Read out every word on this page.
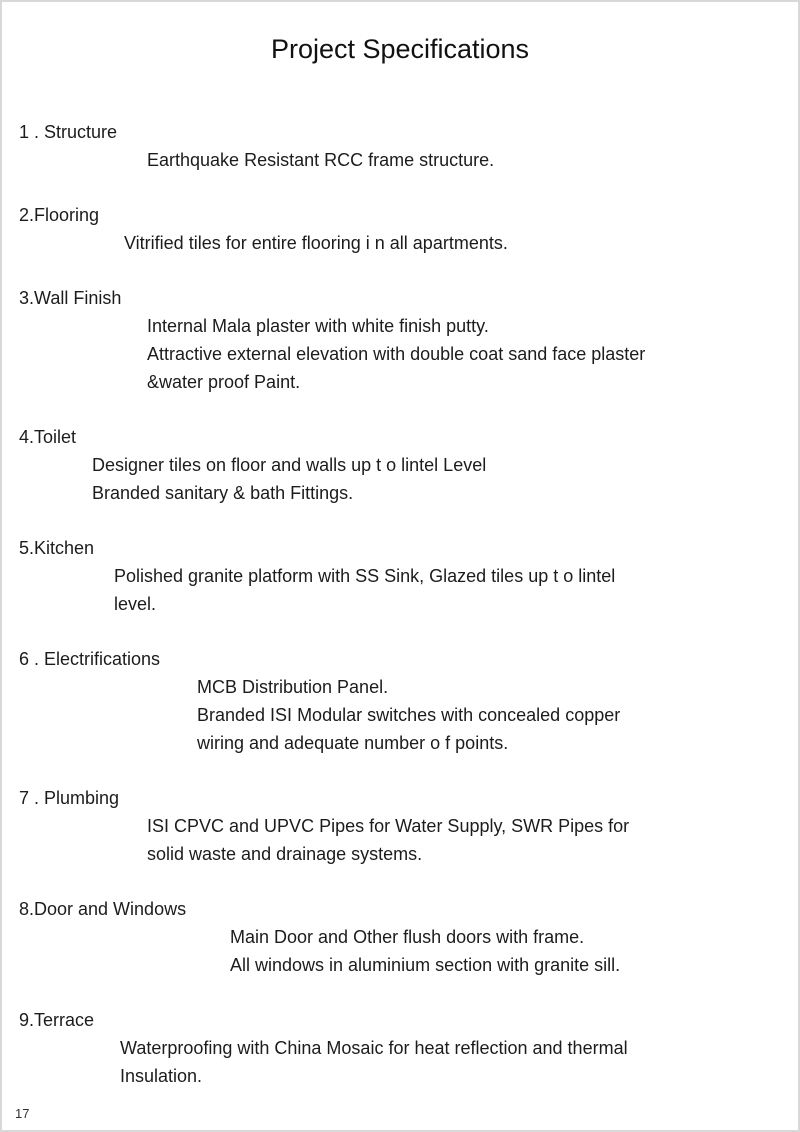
Project Specifications
1 . Structure
Earthquake Resistant RCC frame structure.
2.Flooring
Vitrified tiles for entire flooring i n all apartments.
3.Wall Finish
Internal Mala plaster with white finish putty.
Attractive external elevation with double coat sand face plaster
&water proof Paint.
4.Toilet
Designer tiles on floor and walls up t o lintel Level
Branded sanitary & bath Fittings.
5.Kitchen
Polished granite platform with SS Sink, Glazed tiles up t o lintel
level.
6 . Electrifications
MCB Distribution Panel.
Branded ISI Modular switches with concealed copper
wiring and adequate number o f points.
7 . Plumbing
ISI CPVC and UPVC Pipes for Water Supply, SWR Pipes for
solid waste and drainage systems.
8.Door and Windows
Main Door and Other flush doors with frame.
All windows in aluminium section with granite sill.
9.Terrace
Waterproofing with China Mosaic for heat reflection and thermal
Insulation.
17
